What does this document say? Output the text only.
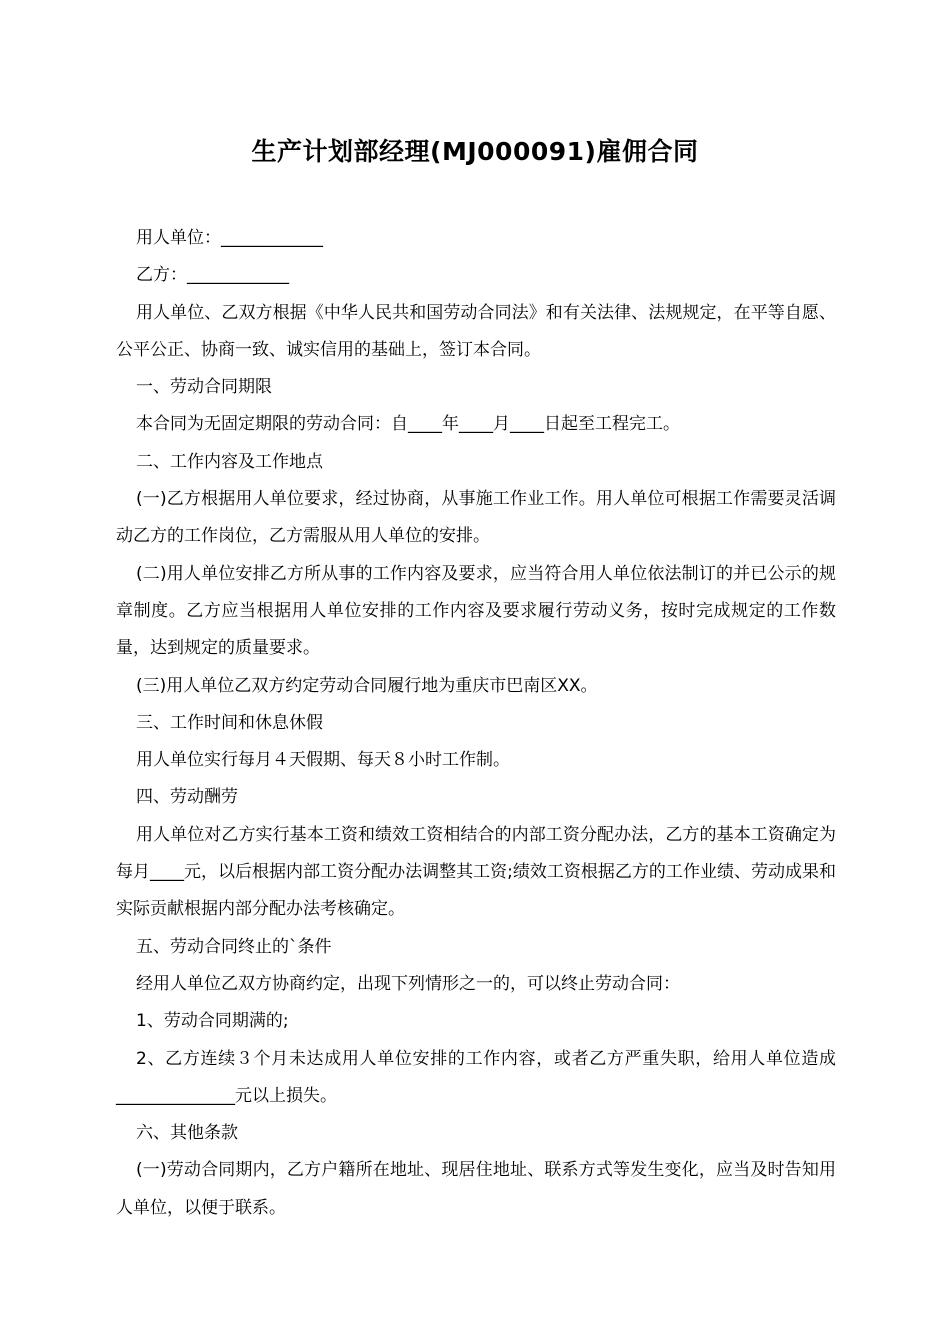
生产计划部经理(MJ000091)雇佣合同

用人单位：____________

乙方：____________

用人单位、乙双方根据《中华人民共和国劳动合同法》和有关法律、法规规定，在平等自愿、公平公正、协商一致、诚实信用的基础上，签订本合同。

一、劳动合同期限

本合同为无固定期限的劳动合同：自____年____月____日起至工程完工。

二、工作内容及工作地点

(一)乙方根据用人单位要求，经过协商，从事施工作业工作。用人单位可根据工作需要灵活调动乙方的工作岗位，乙方需服从用人单位的安排。

(二)用人单位安排乙方所从事的工作内容及要求，应当符合用人单位依法制订的并已公示的规章制度。乙方应当根据用人单位安排的工作内容及要求履行劳动义务，按时完成规定的工作数量，达到规定的质量要求。

(三)用人单位乙双方约定劳动合同履行地为重庆市巴南区XX。

三、工作时间和休息休假

用人单位实行每月４天假期、每天８小时工作制。

四、劳动酬劳

用人单位对乙方实行基本工资和绩效工资相结合的内部工资分配办法，乙方的基本工资确定为每月____元，以后根据内部工资分配办法调整其工资;绩效工资根据乙方的工作业绩、劳动成果和实际贡献根据内部分配办法考核确定。

五、劳动合同终止的`条件

经用人单位乙双方协商约定，出现下列情形之一的，可以终止劳动合同：

1、劳动合同期满的;

2、乙方连续３个月未达成用人单位安排的工作内容，或者乙方严重失职，给用人单位造成______________元以上损失。

六、其他条款

(一)劳动合同期内，乙方户籍所在地址、现居住地址、联系方式等发生变化，应当及时告知用人单位，以便于联系。
